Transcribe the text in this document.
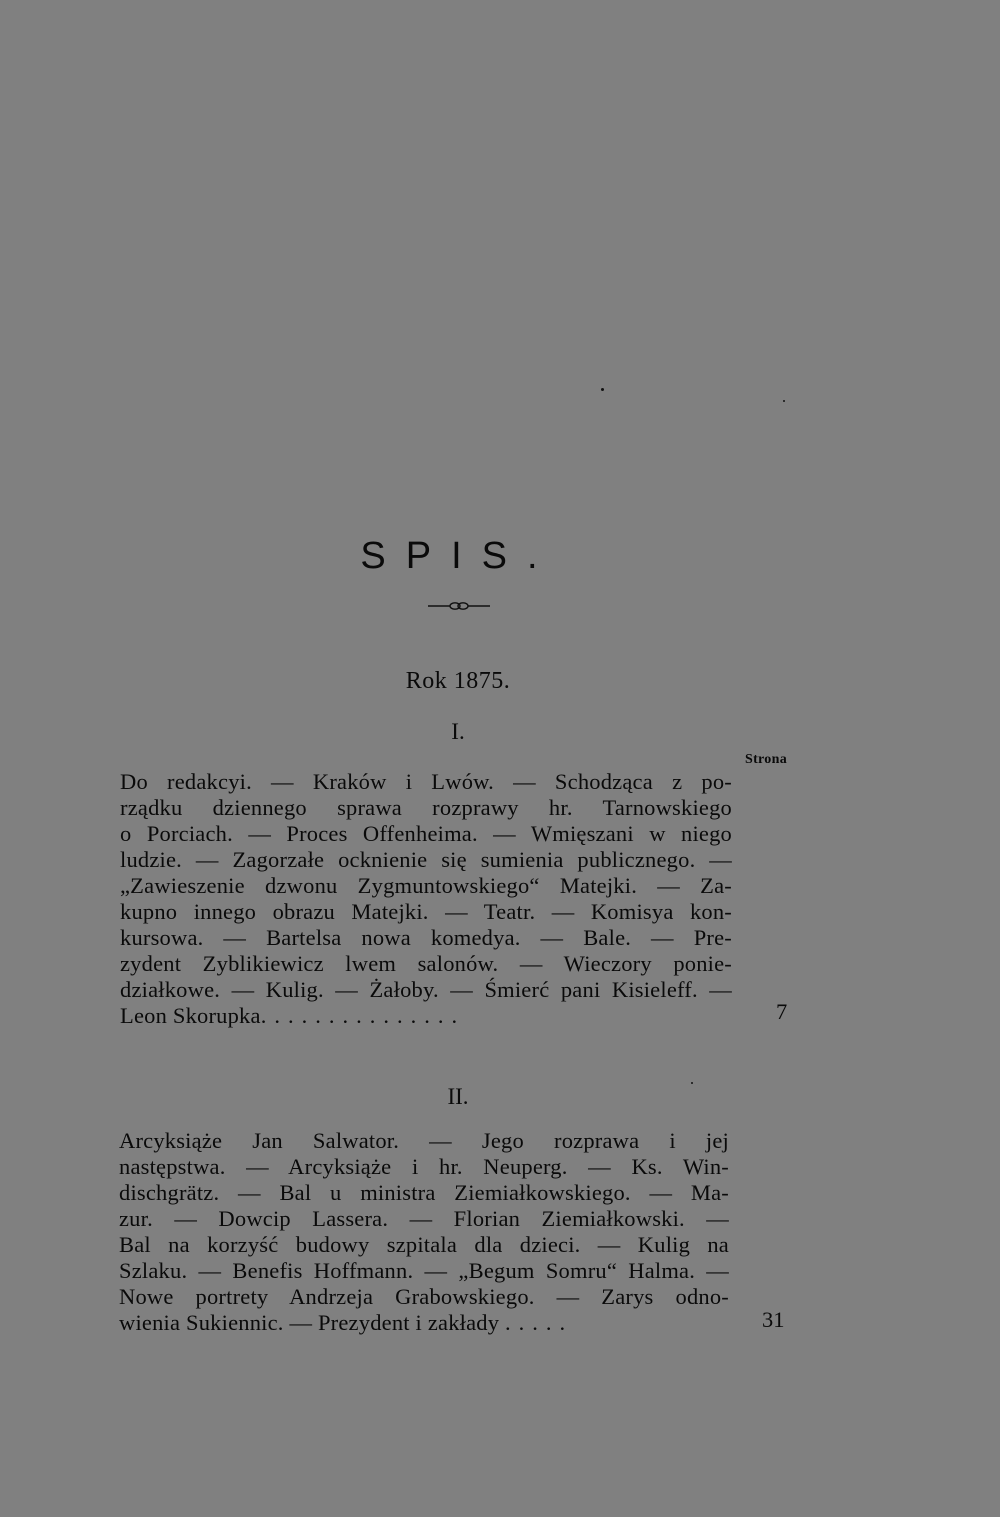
SPIS.
Rok 1875.
I.
Strona
Do redakcyi. — Kraków i Lwów. — Schodząca z po-
rządku dziennego sprawa rozprawy hr. Tarnowskiego
o Porciach. — Proces Offenheima. — Wmięszani w niego
ludzie. — Zagorzałe ocknienie się sumienia publicznego. —
„Zawieszenie dzwonu Zygmuntowskiego“ Matejki. — Za-
kupno innego obrazu Matejki. — Teatr. — Komisya kon-
kursowa. — Bartelsa nowa komedya. — Bale. — Pre-
zydent Zyblikiewicz lwem salonów. — Wieczory ponie-
działkowe. — Kulig. — Żałoby. — Śmierć pani Kisieleff. —
Leon Skorupka...............	7
II.
Arcyksiąże Jan Salwator. — Jego rozprawa i jej
następstwa. — Arcyksiąże i hr. Neuperg. — Ks. Win-
dischgrätz. — Bal u ministra Ziemiałkowskiego. — Ma-
zur. — Dowcip Lassera. — Florian Ziemiałkowski. —
Bal na korzyść budowy szpitala dla dzieci. — Kulig na
Szlaku. — Benefis Hoffmann. — „Begum Somru“ Halma. —
Nowe portrety Andrzeja Grabowskiego. — Zarys odno-
wienia Sukiennic. — Prezydent i zakłady .....	31
